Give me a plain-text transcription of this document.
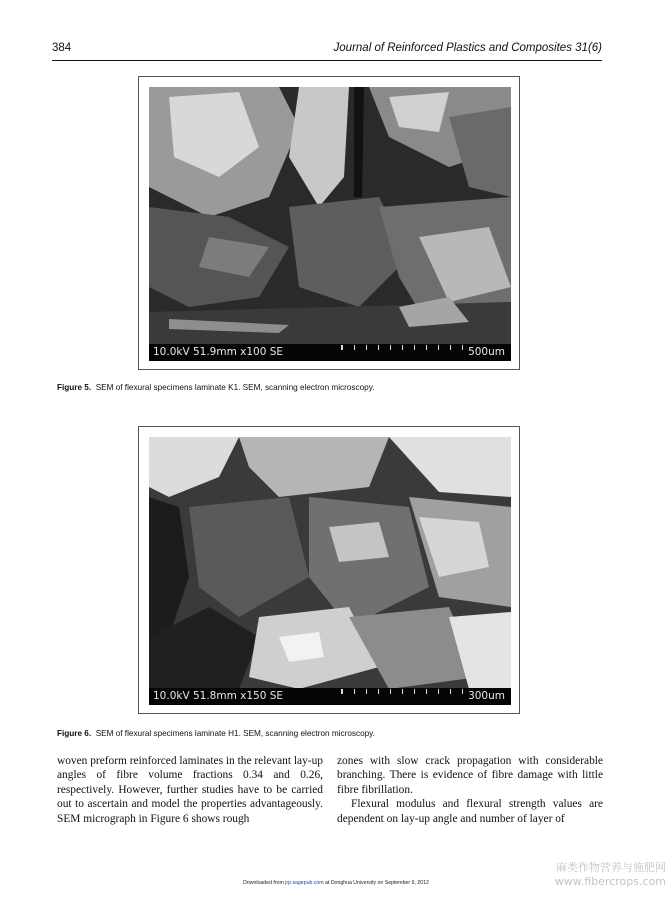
384	Journal of Reinforced Plastics and Composites 31(6)
10.0kV 51.9mm x100 SE	500um
Figure 5. SEM of flexural specimens laminate K1. SEM, scanning electron microscopy.
10.0kV 51.8mm x150 SE	300um
Figure 6. SEM of flexural specimens laminate H1. SEM, scanning electron microscopy.

woven preform reinforced laminates in the relevant lay-up angles of fibre volume fractions 0.34 and 0.26, respectively. However, further studies have to be carried out to ascertain and model the properties advantageously. SEM micrograph in Figure 6 shows rough

zones with slow crack propagation with considerable branching. There is evidence of fibre damage with little fibre fibrillation.

Flexural modulus and flexural strength values are dependent on lay-up angle and number of layer of

Downloaded from jrp.sagepub.com at Donghua University on September 9, 2012
麻类作物营养与施肥网
www.fibercrops.com
